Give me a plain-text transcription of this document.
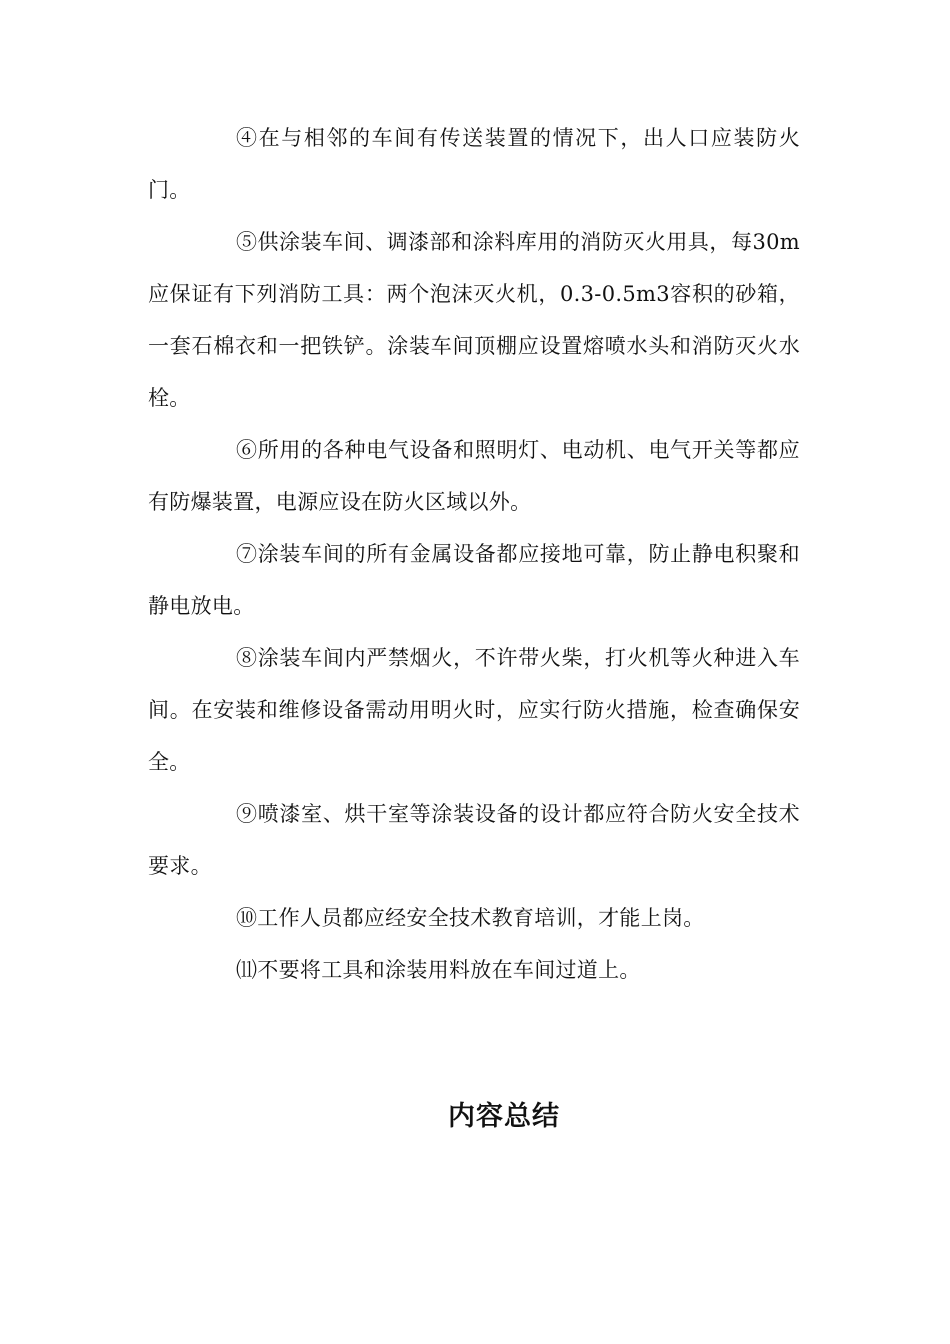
④在与相邻的车间有传送装置的情况下，出人口应装防火门。

⑤供涂装车间、调漆部和涂料库用的消防灭火用具，每30m应保证有下列消防工具：两个泡沫灭火机，0.3-0.5m3容积的砂箱，一套石棉衣和一把铁铲。涂装车间顶棚应设置熔喷水头和消防灭火水栓。

⑥所用的各种电气设备和照明灯、电动机、电气开关等都应有防爆装置，电源应设在防火区域以外。

⑦涂装车间的所有金属设备都应接地可靠，防止静电积聚和静电放电。

⑧涂装车间内严禁烟火，不许带火柴，打火机等火种进入车间。在安装和维修设备需动用明火时，应实行防火措施，检查确保安全。

⑨喷漆室、烘干室等涂装设备的设计都应符合防火安全技术要求。

⑩工作人员都应经安全技术教育培训，才能上岗。

⑾不要将工具和涂装用料放在车间过道上。

内容总结
